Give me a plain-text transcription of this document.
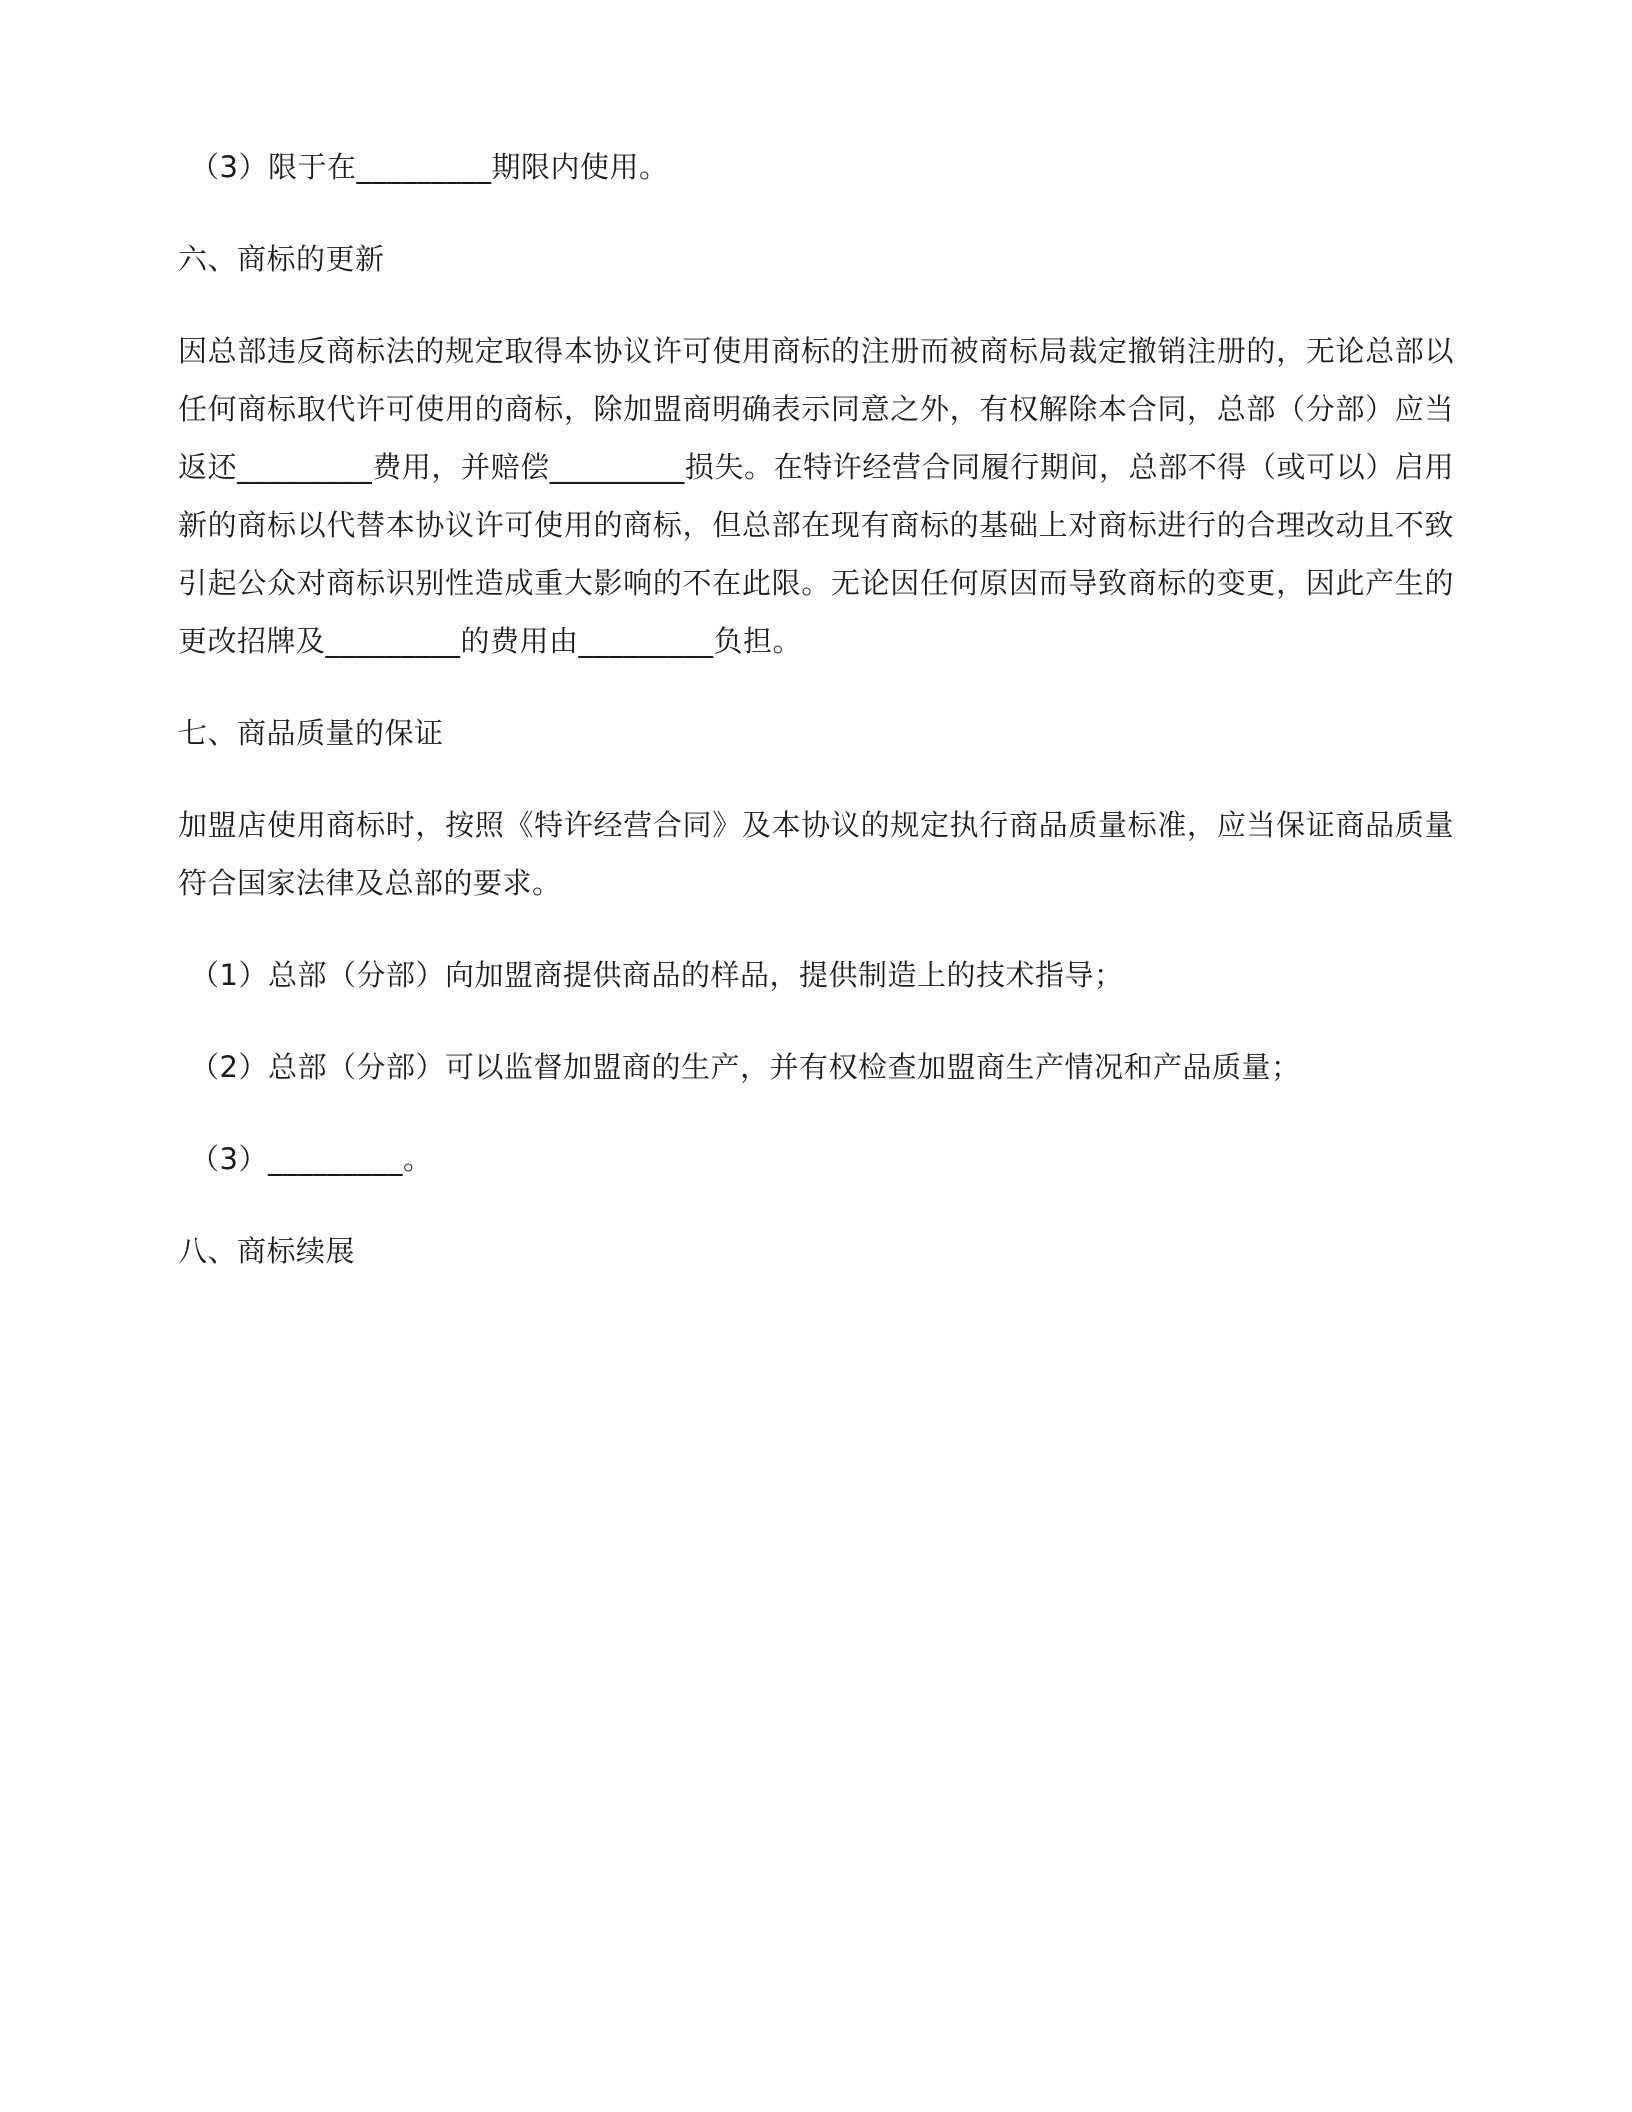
（3）限于在_________期限内使用。
六、商标的更新
因总部违反商标法的规定取得本协议许可使用商标的注册而被商标局裁定撤销注册的，无论总部以任何商标取代许可使用的商标，除加盟商明确表示同意之外，有权解除本合同，总部（分部）应当返还_________费用，并赔偿_________损失。在特许经营合同履行期间，总部不得（或可以）启用新的商标以代替本协议许可使用的商标，但总部在现有商标的基础上对商标进行的合理改动且不致引起公众对商标识别性造成重大影响的不在此限。无论因任何原因而导致商标的变更，因此产生的更改招牌及_________的费用由_________负担。
七、商品质量的保证
加盟店使用商标时，按照《特许经营合同》及本协议的规定执行商品质量标准，应当保证商品质量符合国家法律及总部的要求。
（1）总部（分部）向加盟商提供商品的样品，提供制造上的技术指导；
（2）总部（分部）可以监督加盟商的生产，并有权检查加盟商生产情况和产品质量；
（3）_________。
八、商标续展
